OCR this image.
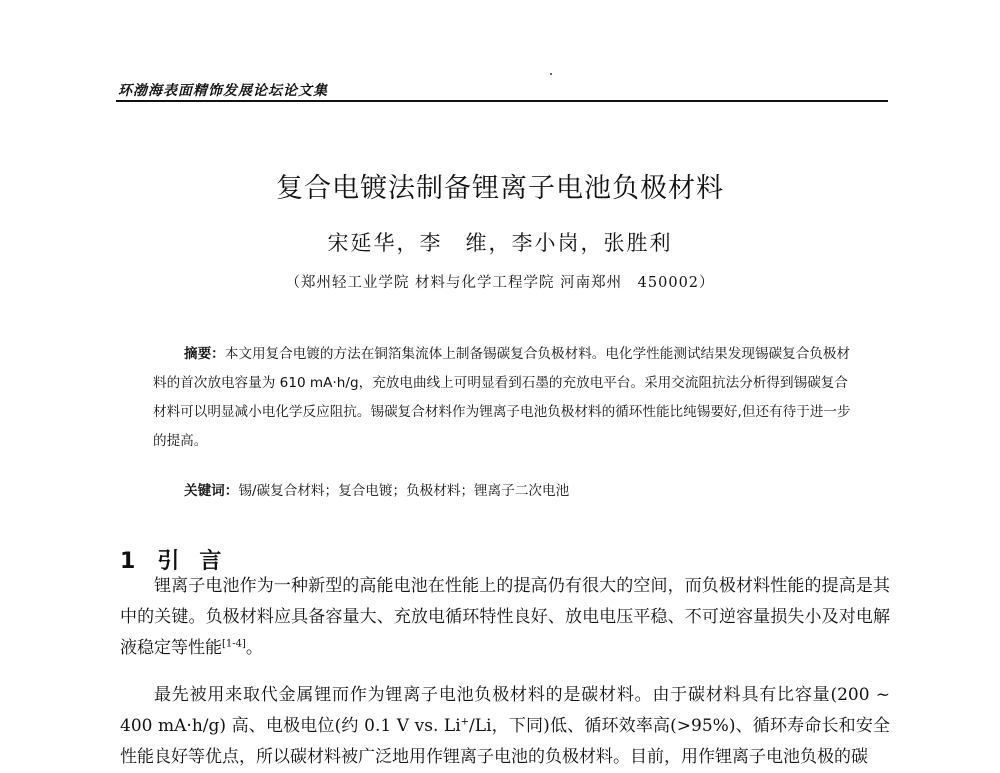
环渤海表面精饰发展论坛论文集
复合电镀法制备锂离子电池负极材料
宋延华，李　维，李小岗，张胜利
（郑州轻工业学院 材料与化学工程学院 河南郑州　450002）
摘要：本文用复合电镀的方法在铜箔集流体上制备锡碳复合负极材料。电化学性能测试结果发现锡碳复合负极材料的首次放电容量为 610 mA·h/g，充放电曲线上可明显看到石墨的充放电平台。采用交流阻抗法分析得到锡碳复合材料可以明显减小电化学反应阻抗。锡碳复合材料作为锂离子电池负极材料的循环性能比纯锡要好,但还有待于进一步的提高。
关键词：锡/碳复合材料；复合电镀；负极材料；锂离子二次电池
1 引言
锂离子电池作为一种新型的高能电池在性能上的提高仍有很大的空间，而负极材料性能的提高是其中的关键。负极材料应具备容量大、充放电循环特性良好、放电电压平稳、不可逆容量损失小及对电解液稳定等性能[1-4]。
最先被用来取代金属锂而作为锂离子电池负极材料的是碳材料。由于碳材料具有比容量(200 ~ 400 mA·h/g) 高、电极电位(约 0.1 V vs. Li+/Li，下同)低、循环效率高(>95%)、循环寿命长和安全性能良好等优点，所以碳材料被广泛地用作锂离子电池的负极材料。目前，用作锂离子电池负极的碳
